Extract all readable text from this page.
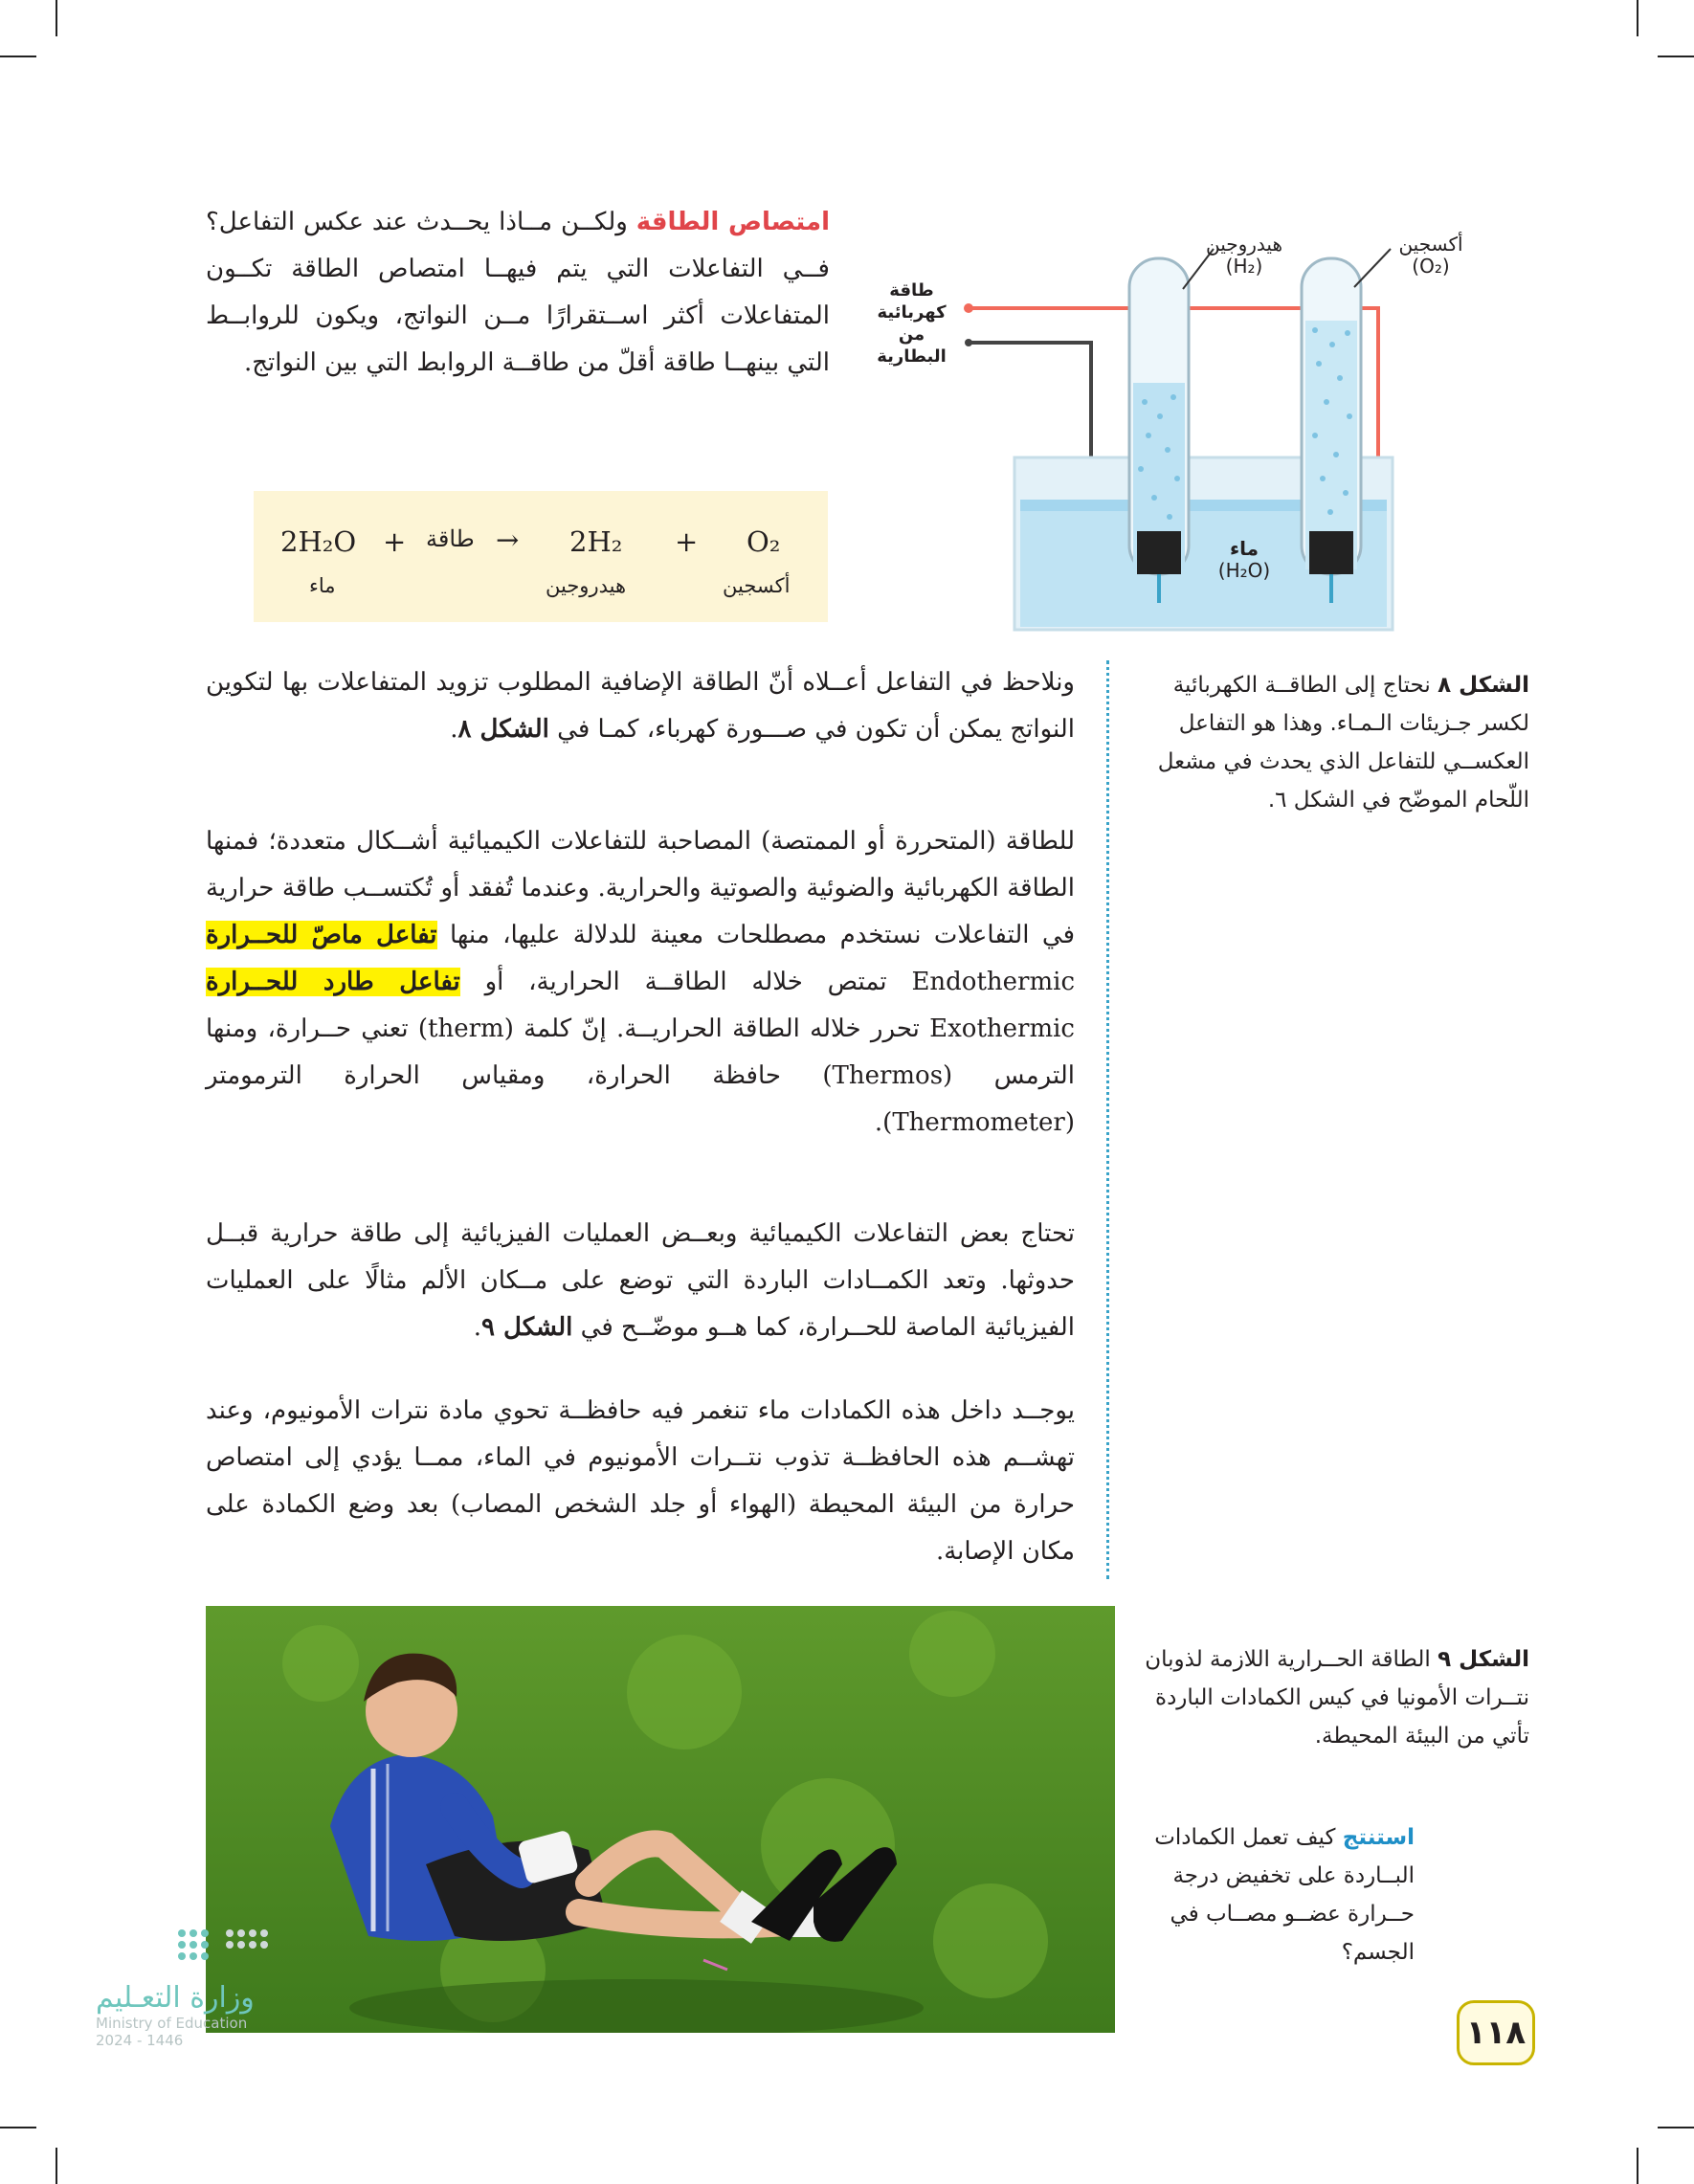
امتصاص الطاقة ولكــن مــاذا يحــدث عند عكس التفاعل؟ فــي التفاعلات التي يتم فيهــا امتصاص الطاقة تكــون المتفاعلات أكثر اســتقرارًا مــن النواتج، ويكون للروابــط التي بينهــا طاقة أقلّ من طاقــة الروابط التي بين النواتج.
2H₂O + طاقة → 2H₂ + O₂
ماء	هيدروجين	أكسجين
أكسجين
(O₂)
هيدروجين
(H₂)
طاقة
كهربائية
من البطارية
ماء
(H₂O)
الشكل ٨ نحتاج إلى الطاقــة الكهربائية لكسر جـزيئات الـمـاء. وهذا هو التفاعل العكســي للتفاعل الذي يحدث في مشعل اللّحام الموضّح في الشكل ٦.
ونلاحظ في التفاعل أعــلاه أنّ الطاقة الإضافية المطلوب تزويد المتفاعلات بها لتكوين النواتج يمكن أن تكون في صـــورة كهرباء، كمـا في الشكل ٨.
للطاقة (المتحررة أو الممتصة) المصاحبة للتفاعلات الكيميائية أشــكال متعددة؛ فمنها الطاقة الكهربائية والضوئية والصوتية والحرارية. وعندما تُفقد أو تُكتســب طاقة حرارية في التفاعلات نستخدم مصطلحات معينة للدلالة عليها، منها تفاعل ماصّ للحــرارة Endothermic تمتص خلاله الطاقــة الحرارية، أو تفاعل طارد للحــرارة Exothermic تحرر خلاله الطاقة الحراريــة. إنّ كلمة (therm) تعني حــرارة، ومنها الترمس (Thermos) حافظة الحرارة، ومقياس الحرارة الترمومتر (Thermometer).
تحتاج بعض التفاعلات الكيميائية وبعــض العمليات الفيزيائية إلى طاقة حرارية قبــل حدوثها. وتعد الكمــادات الباردة التي توضع على مــكان الألم مثالًا على العمليات الفيزيائية الماصة للحــرارة، كما هــو موضّــح في الشكل ٩.
يوجــد داخل هذه الكمادات ماء تنغمر فيه حافظــة تحوي مادة نترات الأمونيوم، وعند تهشــم هذه الحافظــة تذوب نتــرات الأمونيوم في الماء، ممــا يؤدي إلى امتصاص حرارة من البيئة المحيطة (الهواء أو جلد الشخص المصاب) بعد وضع الكمادة على مكان الإصابة.
الشكل ٩ الطاقة الحــرارية اللازمة لذوبان نتــرات الأمونيا في كيس الكمادات الباردة تأتي من البيئة المحيطة.
استنتج كيف تعمل الكمادات البــاردة على تخفيض درجة حــرارة عضــو مصــاب في الجسم؟
١١٨
وزارة التعـليم
Ministry of Education
2024 - 1446
